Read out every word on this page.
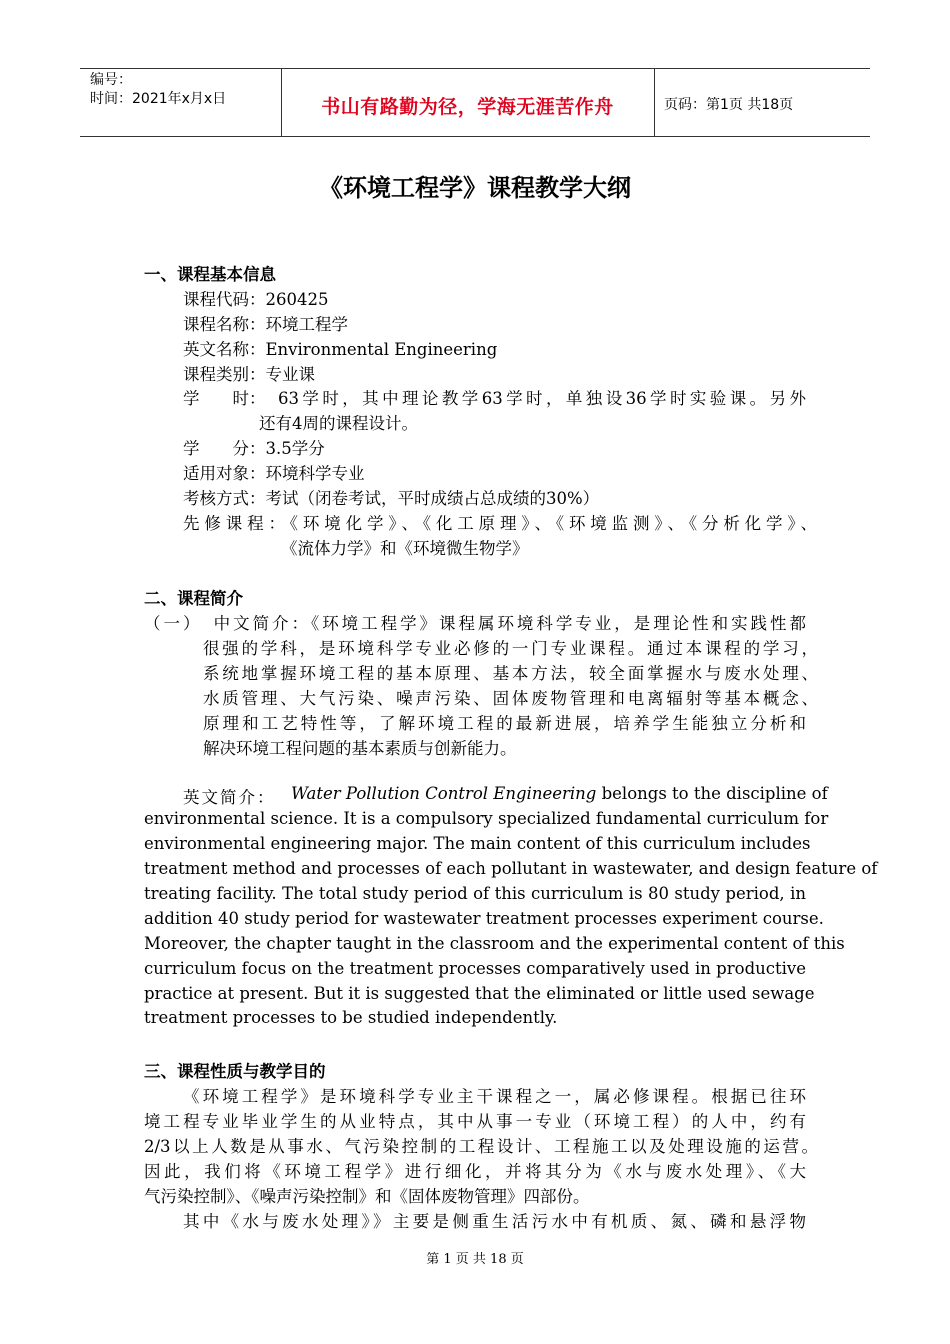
编号：
时间：2021年x月x日	书山有路勤为径，学海无涯苦作舟	页码：第1页 共18页
《环境工程学》课程教学大纲
一、课程基本信息
课程代码：260425
课程名称：环境工程学
英文名称：Environmental Engineering
课程类别：专业课
学　　时： 63学时，其中理论教学63学时，单独设36学时实验课。另外
还有4周的课程设计。
学　　分：3.5学分
适用对象：环境科学专业
考核方式：考试（闭卷考试，平时成绩占总成绩的30%）
先修课程：《环境化学》、《化工原理》、《环境监测》、《分析化学》、
《流体力学》和《环境微生物学》
二、课程简介
（一）　中文简介：《环境工程学》课程属环境科学专业，是理论性和实践性都
很强的学科，是环境科学专业必修的一门专业课程。通过本课程的学习，
系统地掌握环境工程的基本原理、基本方法，较全面掌握水与废水处理、
水质管理、大气污染、噪声污染、固体废物管理和电离辐射等基本概念、
原理和工艺特性等，了解环境工程的最新进展，培养学生能独立分析和
解决环境工程问题的基本素质与创新能力。
英文简介： Water Pollution Control Engineering belongs to the discipline of
environmental science. It is a compulsory specialized fundamental curriculum for
environmental engineering major. The main content of this curriculum includes
treatment method and processes of each pollutant in wastewater, and design feature of
treating facility. The total study period of this curriculum is 80 study period, in
addition 40 study period for wastewater treatment processes experiment course.
Moreover, the chapter taught in the classroom and the experimental content of this
curriculum focus on the treatment processes comparatively used in productive
practice at present. But it is suggested that the eliminated or little used sewage
treatment processes to be studied independently.
三、课程性质与教学目的
《环境工程学》是环境科学专业主干课程之一，属必修课程。根据已往环
境工程专业毕业学生的从业特点，其中从事一专业（环境工程）的人中，约有
2/3以上人数是从事水、气污染控制的工程设计、工程施工以及处理设施的运营。
因此，我们将《环境工程学》进行细化，并将其分为《水与废水处理》、《大
气污染控制》、《噪声污染控制》和《固体废物管理》四部份。
其中《水与废水处理》》主要是侧重生活污水中有机质、氮、磷和悬浮物
第 1 页 共 18 页
